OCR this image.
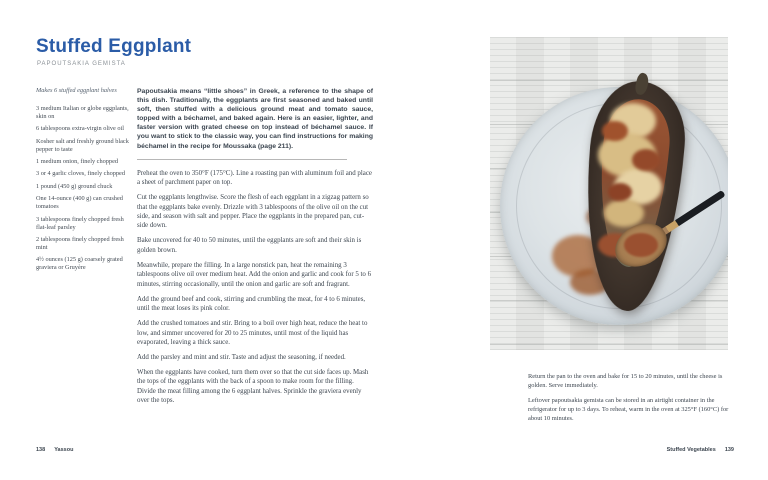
Stuffed Eggplant
PAPOUTSAKIA GEMISTA
Makes 6 stuffed eggplant halves
3 medium Italian or globe eggplants, skin on
6 tablespoons extra-virgin olive oil
Kosher salt and freshly ground black pepper to taste
1 medium onion, finely chopped
3 or 4 garlic cloves, finely chopped
1 pound (450 g) ground chuck
One 14-ounce (400 g) can crushed tomatoes
3 tablespoons finely chopped fresh flat-leaf parsley
2 tablespoons finely chopped fresh mint
4½ ounces (125 g) coarsely grated graviera or Gruyère

Papoutsakia means “little shoes” in Greek, a reference to the shape of this dish. Traditionally, the eggplants are first seasoned and baked until soft, then stuffed with a delicious ground meat and tomato sauce, topped with a béchamel, and baked again. Here is an easier, lighter, and faster version with grated cheese on top instead of béchamel sauce. If you want to stick to the classic way, you can find instructions for making béchamel in the recipe for Moussaka (page 211).

Preheat the oven to 350°F (175°C). Line a roasting pan with aluminum foil and place a sheet of parchment paper on top.

Cut the eggplants lengthwise. Score the flesh of each eggplant in a zigzag pattern so that the eggplants bake evenly. Drizzle with 3 tablespoons of the olive oil on the cut side, and season with salt and pepper. Place the eggplants in the prepared pan, cut-side down.

Bake uncovered for 40 to 50 minutes, until the eggplants are soft and their skin is golden brown.

Meanwhile, prepare the filling. In a large nonstick pan, heat the remaining 3 tablespoons olive oil over medium heat. Add the onion and garlic and cook for 5 to 6 minutes, stirring occasionally, until the onion and garlic are soft and fragrant.

Add the ground beef and cook, stirring and crumbling the meat, for 4 to 6 minutes, until the meat loses its pink color.

Add the crushed tomatoes and stir. Bring to a boil over high heat, reduce the heat to low, and simmer uncovered for 20 to 25 minutes, until most of the liquid has evaporated, leaving a thick sauce.

Add the parsley and mint and stir. Taste and adjust the seasoning, if needed.

When the eggplants have cooked, turn them over so that the cut side faces up. Mash the tops of the eggplants with the back of a spoon to make room for the filling. Divide the meat filling among the 6 eggplant halves. Sprinkle the graviera evenly over the tops.

138 Yassou

Return the pan to the oven and bake for 15 to 20 minutes, until the cheese is golden. Serve immediately.

Leftover papoutsakia gemista can be stored in an airtight container in the refrigerator for up to 3 days. To reheat, warm in the oven at 325°F (160°C) for about 10 minutes.

Stuffed Vegetables 139
